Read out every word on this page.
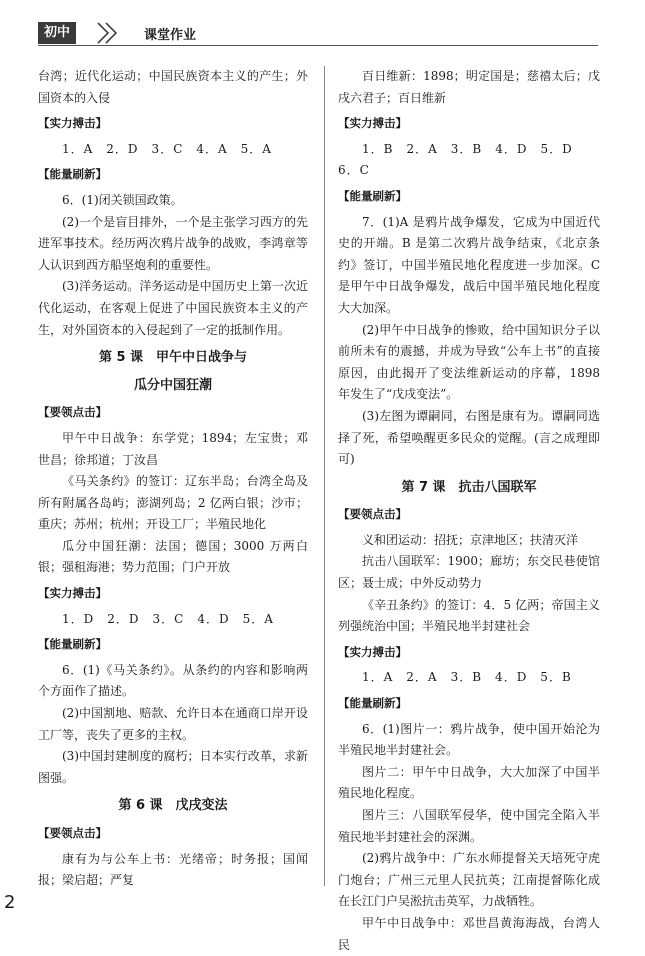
初中	课堂作业

台湾；近代化运动；中国民族资本主义的产生；外国资本的入侵

【实力搏击】

1．A　2．D　3．C　4．A　5．A

【能量刷新】

6．(1)闭关锁国政策。

(2)一个是盲目排外，一个是主张学习西方的先进军事技术。经历两次鸦片战争的战败，李鸿章等人认识到西方船坚炮利的重要性。

(3)洋务运动。洋务运动是中国历史上第一次近代化运动，在客观上促进了中国民族资本主义的产生，对外国资本的入侵起到了一定的抵制作用。

第 5 课　甲午中日战争与
瓜分中国狂潮
【要领点击】

甲午中日战争：东学党；1894；左宝贵；邓世昌；徐邦道；丁汝昌

《马关条约》的签订：辽东半岛；台湾全岛及所有附属各岛屿；澎湖列岛；2 亿两白银；沙市；重庆；苏州；杭州；开设工厂；半殖民地化

瓜分中国狂潮：法国；德国；3000 万两白银；强租海港；势力范围；门户开放

【实力搏击】

1．D　2．D　3．C　4．D　5．A

【能量刷新】

6．(1)《马关条约》。从条约的内容和影响两个方面作了描述。

(2)中国割地、赔款、允许日本在通商口岸开设工厂等，丧失了更多的主权。

(3)中国封建制度的腐朽；日本实行改革，求新图强。

第 6 课　戊戌变法
【要领点击】

康有为与公车上书：光绪帝；时务报；国闻报；梁启超；严复

百日维新：1898；明定国是；慈禧太后；戊戌六君子；百日维新

【实力搏击】

1．B　2．A　3．B　4．D　5．D　6．C

【能量刷新】

7．(1)A 是鸦片战争爆发，它成为中国近代史的开端。B 是第二次鸦片战争结束，《北京条约》签订，中国半殖民地化程度进一步加深。C 是甲午中日战争爆发，战后中国半殖民地化程度大大加深。

(2)甲午中日战争的惨败，给中国知识分子以前所未有的震撼，并成为导致“公车上书”的直接原因，由此揭开了变法维新运动的序幕，1898 年发生了“戊戌变法”。

(3)左图为谭嗣同，右图是康有为。谭嗣同选择了死，希望唤醒更多民众的觉醒。(言之成理即可)

第 7 课　抗击八国联军
【要领点击】

义和团运动：招抚；京津地区；扶清灭洋

抗击八国联军：1900；廊坊；东交民巷使馆区；聂士成；中外反动势力

《辛丑条约》的签订：4．5 亿两；帝国主义列强统治中国；半殖民地半封建社会

【实力搏击】

1．A　2．A　3．B　4．D　5．B

【能量刷新】

6．(1)图片一：鸦片战争，使中国开始沦为半殖民地半封建社会。

图片二：甲午中日战争，大大加深了中国半殖民地化程度。

图片三：八国联军侵华，使中国完全陷入半殖民地半封建社会的深渊。

(2)鸦片战争中：广东水师提督关天培死守虎门炮台；广州三元里人民抗英；江南提督陈化成在长江门户吴淞抗击英军，力战牺牲。

甲午中日战争中：邓世昌黄海海战，台湾人民

2
